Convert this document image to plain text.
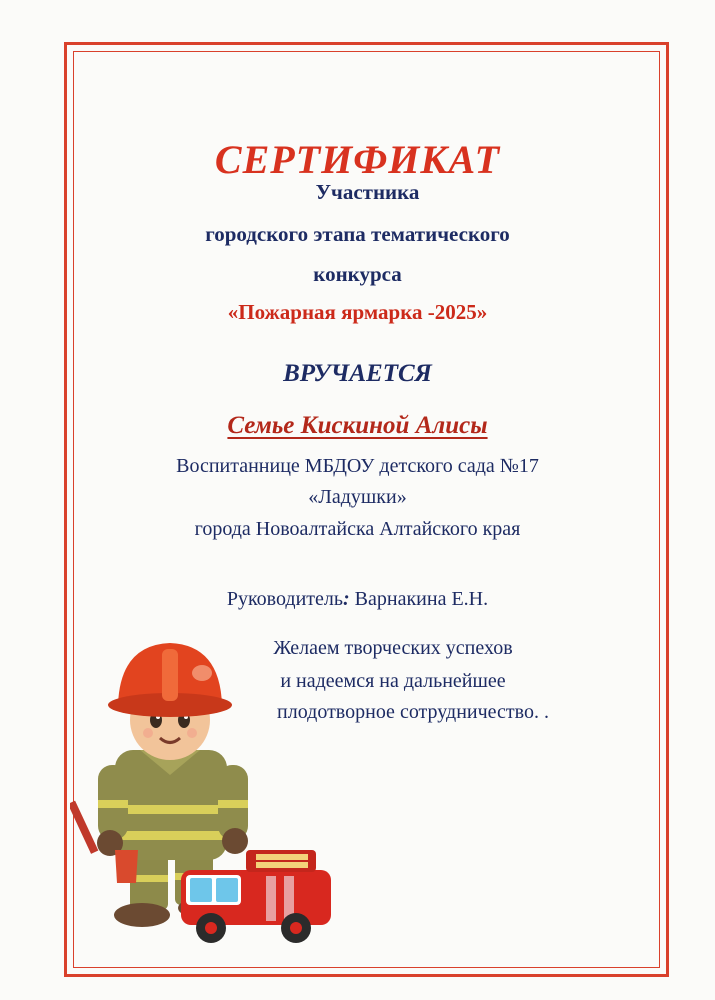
СЕРТИФИКАТ
Участника
городского этапа тематического
конкурса
«Пожарная ярмарка -2025»
ВРУЧАЕТСЯ
Семье Кискиной Алисы
Воспитаннице МБДОУ детского сада №17
«Ладушки»
города Новоалтайска Алтайского края
Руководитель: Варнакина Е.Н.
Желаем творческих успехов
и надеемся на дальнейшее
плодотворное сотрудничество. .
